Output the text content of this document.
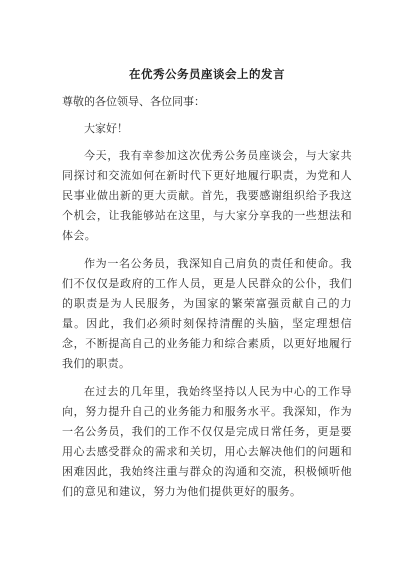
在优秀公务员座谈会上的发言
尊敬的各位领导、各位同事：
大家好！

今天，我有幸参加这次优秀公务员座谈会，与大家共同探讨和交流如何在新时代下更好地履行职责，为党和人民事业做出新的更大贡献。首先，我要感谢组织给予我这个机会，让我能够站在这里，与大家分享我的一些想法和体会。

作为一名公务员，我深知自己肩负的责任和使命。我们不仅仅是政府的工作人员，更是人民群众的公仆，我们的职责是为人民服务，为国家的繁荣富强贡献自己的力量。因此，我们必须时刻保持清醒的头脑，坚定理想信念，不断提高自己的业务能力和综合素质，以更好地履行我们的职责。

在过去的几年里，我始终坚持以人民为中心的工作导向，努力提升自己的业务能力和服务水平。我深知，作为一名公务员，我们的工作不仅仅是完成日常任务，更是要用心去感受群众的需求和关切，用心去解决他们的问题和困难因此，我始终注重与群众的沟通和交流，积极倾听他们的意见和建议，努力为他们提供更好的服务。
